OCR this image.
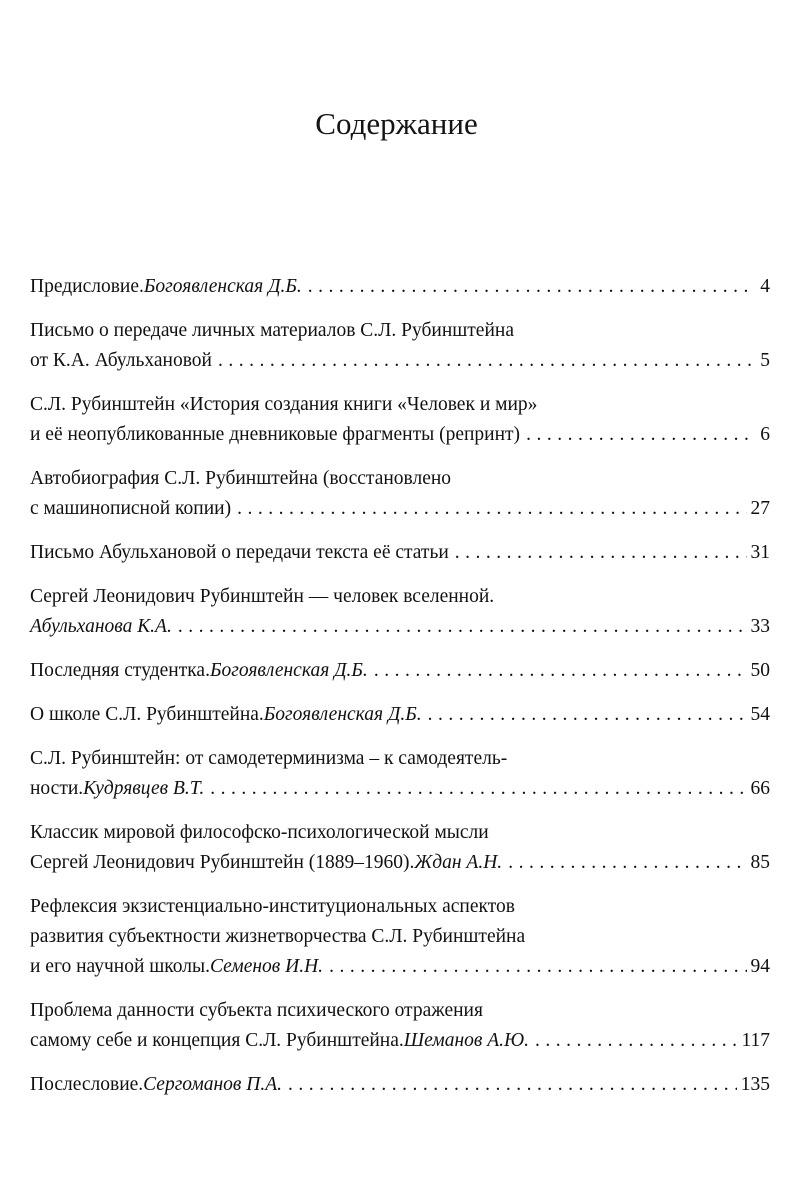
Содержание
Предисловие. Богоявленская Д.Б. .....	4
Письмо о передаче личных материалов С.Л. Рубинштейна
от К.А. Абульхановой .....	5
С.Л. Рубинштейн «История создания книги «Человек и мир»
и её неопубликованные дневниковые фрагменты (репринт) .....	6
Автобиография С.Л. Рубинштейна (восстановлено
с машинописной копии) .....	27
Письмо Абульхановой о передачи текста её статьи .....	31
Сергей Леонидович Рубинштейн — человек вселенной.
Абульханова К.А. .....	33
Последняя студентка. Богоявленская Д.Б. .....	50
О школе С.Л. Рубинштейна. Богоявленская Д.Б. .....	54
С.Л. Рубинштейн: от самодетерминизма – к самодеятель-
ности. Кудрявцев В.Т. .....	66
Классик мировой философско-психологической мысли
Сергей Леонидович Рубинштейн (1889–1960). Ждан А.Н. .....	85
Рефлексия экзистенциально-институциональных аспектов
развития субъектности жизнетворчества С.Л. Рубинштейна
и его научной школы. Семенов И.Н. .....	94
Проблема данности субъекта психического отражения
самому себе и концепция С.Л. Рубинштейна. Шеманов А.Ю. .....	117
Послесловие. Сергоманов П.А. .....	135
